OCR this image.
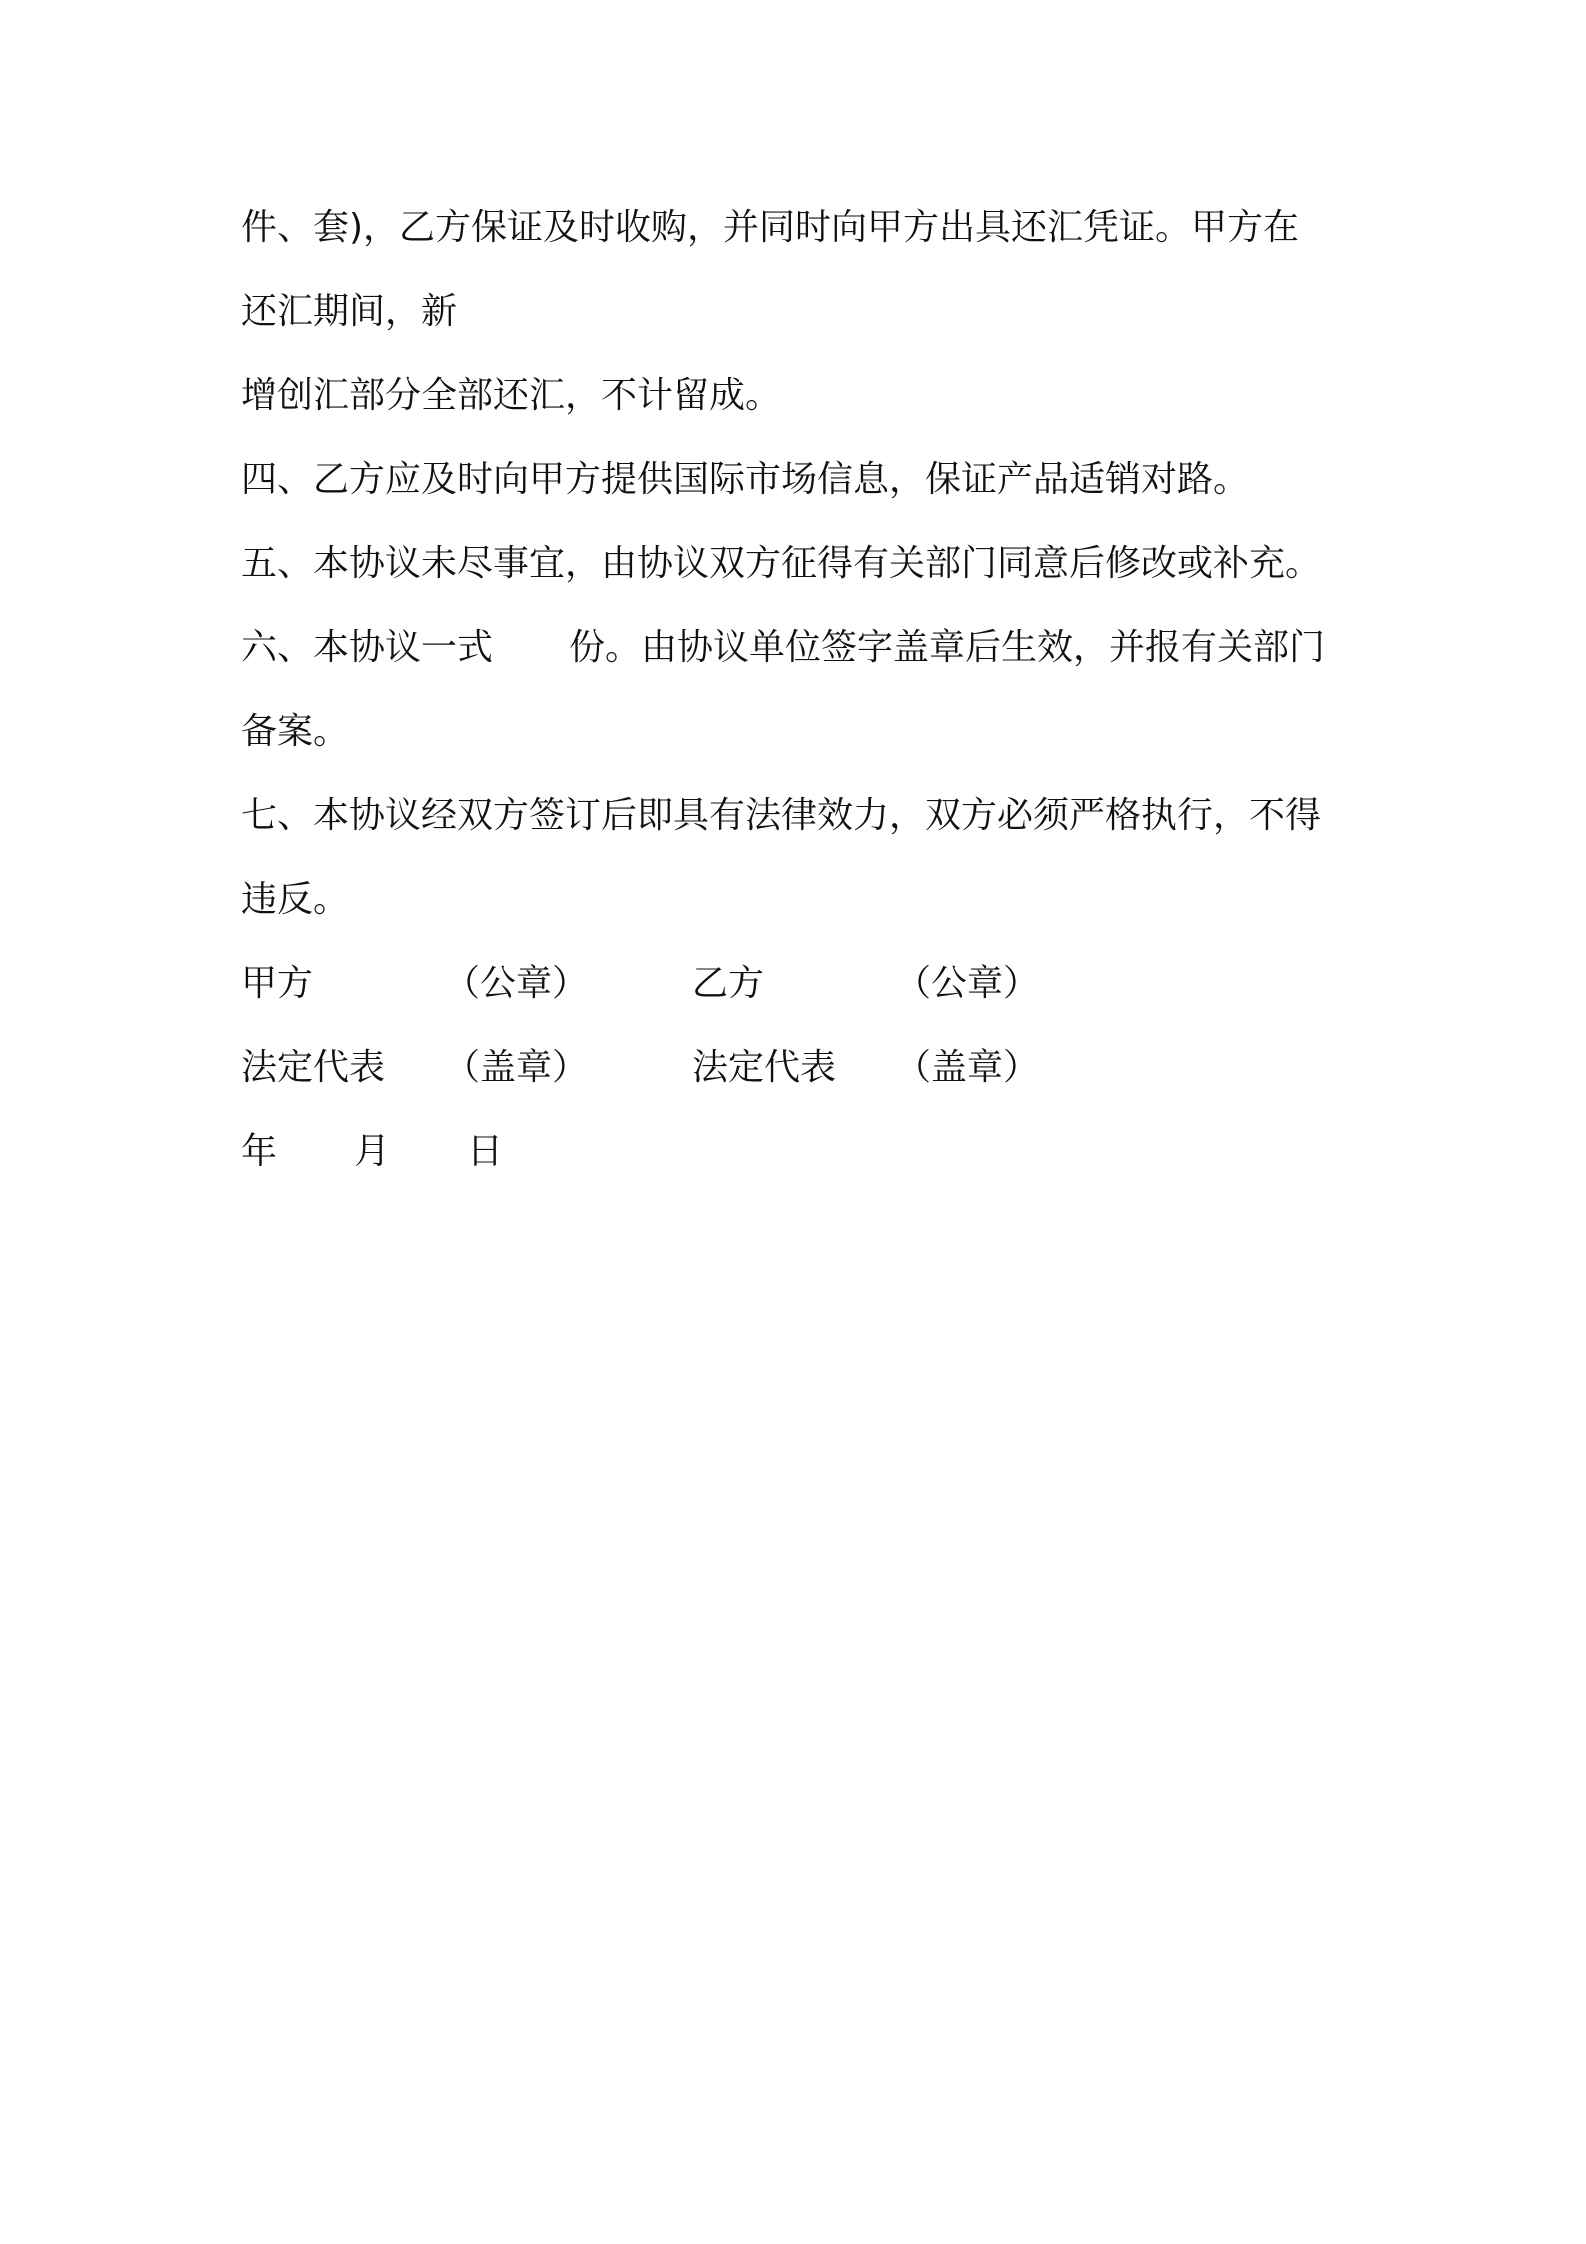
件、套)，乙方保证及时收购，并同时向甲方出具还汇凭证。甲方在
还汇期间，新
增创汇部分全部还汇，不计留成。
四、乙方应及时向甲方提供国际市场信息，保证产品适销对路。
五、本协议未尽事宜，由协议双方征得有关部门同意后修改或补充。
六、本协议一式 份。由协议单位签字盖章后生效，并报有关部门
备案。
七、本协议经双方签订后即具有法律效力，双方必须严格执行，不得
违反。
甲方	（公章）	乙方	（公章）
法定代表 （盖章）	法定代表 （盖章）
年 月 日
